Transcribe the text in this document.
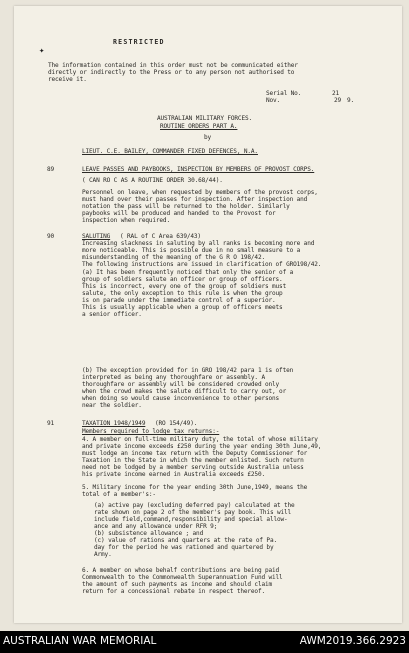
✦
RESTRICTED
The information contained in this order must not be communicated either
directly or indirectly to the Press or to any person not authorised to
receive it.
Serial No.	21
Nov.	29 9.
AUSTRALIAN MILITARY FORCES.
ROUTINE ORDERS PART A.
by
LIEUT. C.E. BAILEY, COMMANDER FIXED DEFENCES, N.A.
89	LEAVE PASSES AND PAYBOOKS, INSPECTION BY MEMBERS OF PROVOST CORPS.
( CAN RO C AS A ROUTINE ORDER 30.68/44).
Personnel on leave, when requested by members of the provost corps,
must hand over their passes for inspection. After inspection and
notation the pass will be returned to the holder. Similarly
paybooks will be produced and handed to the Provost for
inspection when required.
90	SALUTING ( RAL of C Area 639/43)
Increasing slackness in saluting by all ranks is becoming more and
more noticeable. This is possible due in no small measure to a
misunderstanding of the meaning of the G R O 198/42.
The following instructions are issued in clarification of GRO198/42.
(a) It has been frequently noticed that only the senior of a
group of soldiers salute an officer or group of officers.
This is incorrect, every one of the group of soldiers must
salute, the only exception to this rule is when the group
is on parade under the immediate control of a superior.
This is usually applicable when a group of officers meets
a senior officer.
(b) The exception provided for in GRO 198/42 para 1 is often
interpreted as being any thoroughfare or assembly. A
thoroughfare or assembly will be considered crowded only
when the crowd makes the salute difficult to carry out, or
when doing so would cause inconvenience to other persons
near the soldier.
91	TAXATION 1948/1949 (RO 154/49).
Members required to lodge tax returns:-
4. A member on full-time military duty, the total of whose military
and private income exceeds £250 during the year ending 30th June,49,
must lodge an income tax return with the Deputy Commissioner for
Taxation in the State in which the member enlisted. Such return
need not be lodged by a member serving outside Australia unless
his private income earned in Australia exceeds £250.
5. Military income for the year ending 30th June,1949, means the
total of a member's:-
(a) active pay (excluding deferred pay) calculated at the
rate shown on page 2 of the member's pay book. This will
include field,command,responsibility and special allow-
ance and any allowance under RFR 9;
(b) subsistence allowance ; and
(c) value of rations and quarters at the rate of Pa.
day for the period he was rationed and quartered by
Army.
6. A member on whose behalf contributions are being paid
Commonwealth to the Commonwealth Superannuation Fund will
the amount of such payments as income and should claim
return for a concessional rebate in respect thereof.
AUSTRALIAN WAR MEMORIAL	AWM2019.366.2923
